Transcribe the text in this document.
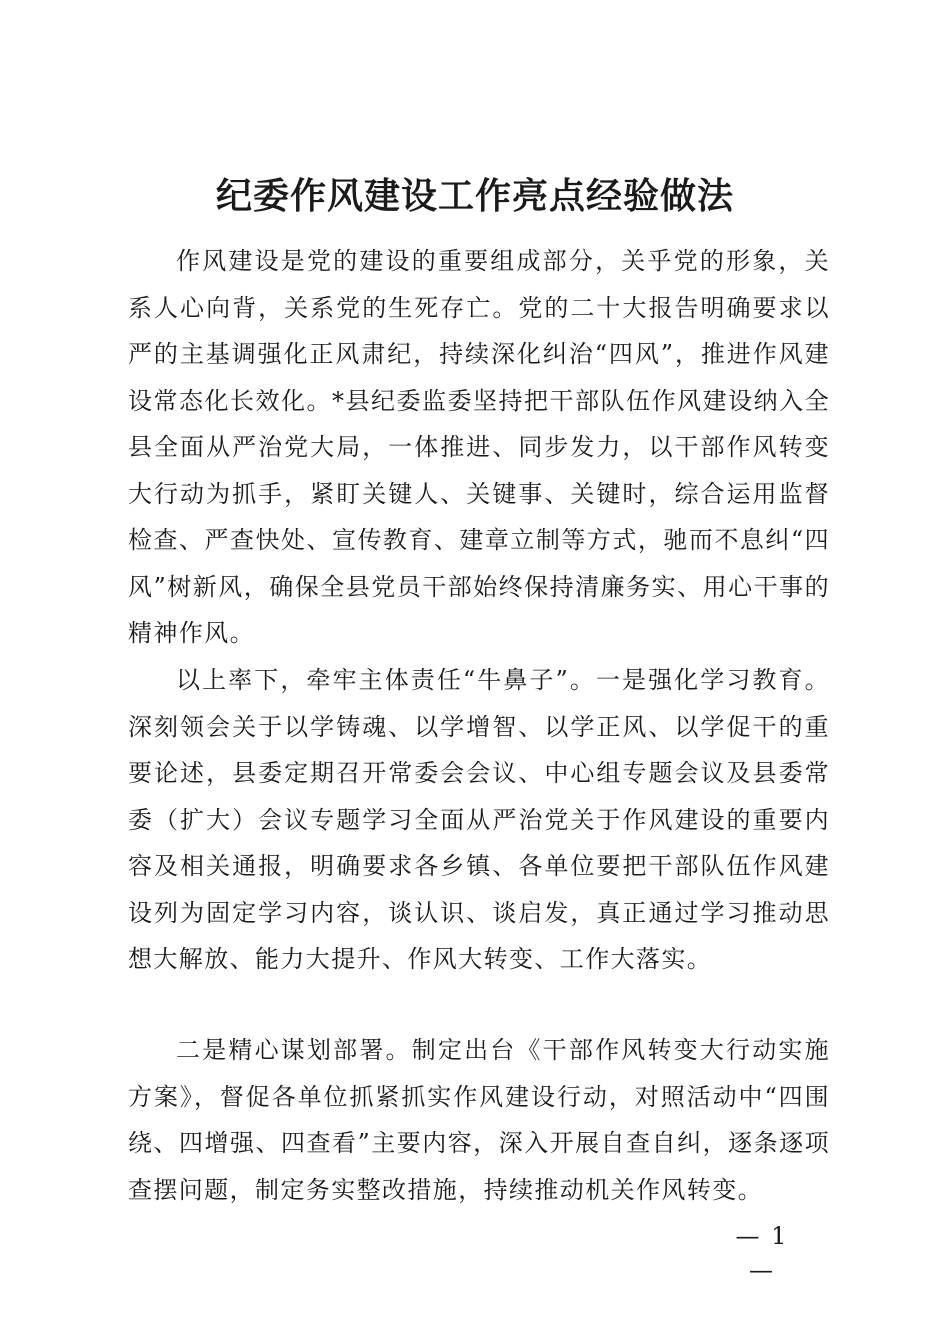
纪委作风建设工作亮点经验做法

作风建设是党的建设的重要组成部分，关乎党的形象，关系人心向背，关系党的生死存亡。党的二十大报告明确要求以严的主基调强化正风肃纪，持续深化纠治“四风”，推进作风建设常态化长效化。*县纪委监委坚持把干部队伍作风建设纳入全县全面从严治党大局，一体推进、同步发力，以干部作风转变大行动为抓手，紧盯关键人、关键事、关键时，综合运用监督检查、严查快处、宣传教育、建章立制等方式，驰而不息纠“四风”树新风，确保全县党员干部始终保持清廉务实、用心干事的精神作风。

以上率下，牵牢主体责任“牛鼻子”。一是强化学习教育。深刻领会关于以学铸魂、以学增智、以学正风、以学促干的重要论述，县委定期召开常委会会议、中心组专题会议及县委常委（扩大）会议专题学习全面从严治党关于作风建设的重要内容及相关通报，明确要求各乡镇、各单位要把干部队伍作风建设列为固定学习内容，谈认识、谈启发，真正通过学习推动思想大解放、能力大提升、作风大转变、工作大落实。

二是精心谋划部署。制定出台《干部作风转变大行动实施方案》，督促各单位抓紧抓实作风建设行动，对照活动中“四围绕、四增强、四查看”主要内容，深入开展自查自纠，逐条逐项查摆问题，制定务实整改措施，持续推动机关作风转变。

— 1 —
